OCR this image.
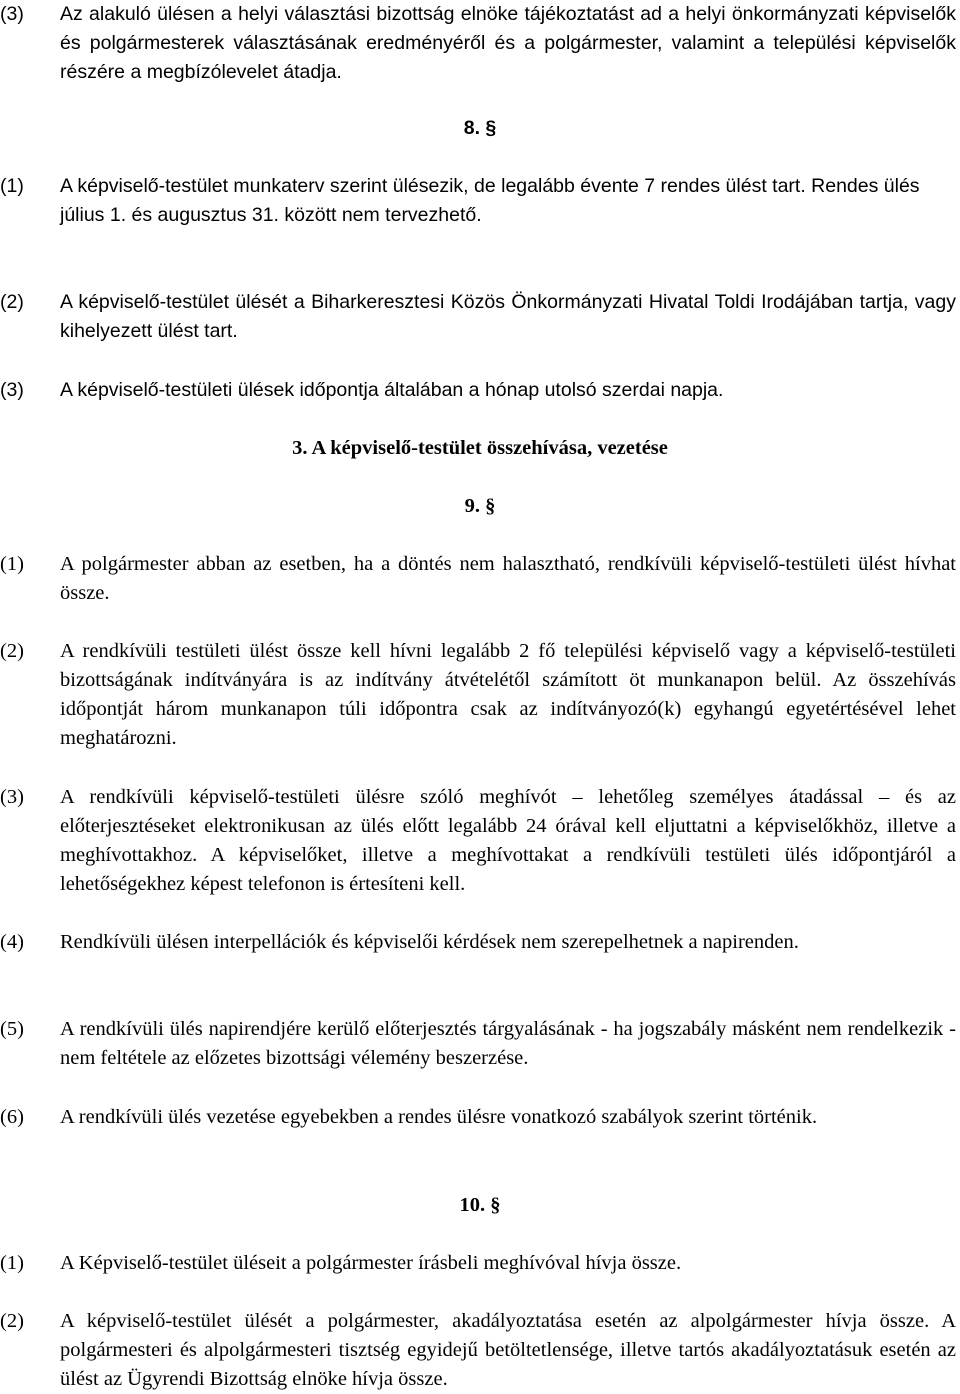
(3)	Az alakuló ülésen a helyi választási bizottság elnöke tájékoztatást ad a helyi önkormányzati képviselők és polgármesterek választásának eredményéről és a polgármester, valamint a települési képviselők részére a megbízólevelet átadja.
8. §
(1)	A képviselő-testület munkaterv szerint ülésezik, de legalább évente 7 rendes ülést tart. Rendes ülés július 1. és augusztus 31. között nem tervezhető.
(2)	A képviselő-testület ülését a Biharkeresztesi Közös Önkormányzati Hivatal Toldi Irodájában tartja, vagy kihelyezett ülést tart.
(3)	A képviselő-testületi ülések időpontja általában a hónap utolsó szerdai napja.
3. A képviselő-testület összehívása, vezetése
9. §
(1)	A polgármester abban az esetben, ha a döntés nem halasztható, rendkívüli képviselő-testületi ülést hívhat össze.
(2)	A rendkívüli testületi ülést össze kell hívni legalább 2 fő települési képviselő vagy a képviselő-testületi bizottságának indítványára is az indítvány átvételétől számított öt munkanapon belül. Az összehívás időpontját három munkanapon túli időpontra csak az indítványozó(k) egyhangú egyetértésével lehet meghatározni.
(3)	A rendkívüli képviselő-testületi ülésre szóló meghívót – lehetőleg személyes átadással – és az előterjesztéseket elektronikusan az ülés előtt legalább 24 órával kell eljuttatni a képviselőkhöz, illetve a meghívottakhoz. A képviselőket, illetve a meghívottakat a rendkívüli testületi ülés időpontjáról a lehetőségekhez képest telefonon is értesíteni kell.
(4)	Rendkívüli ülésen interpellációk és képviselői kérdések nem szerepelhetnek a napirenden.
(5)	A rendkívüli ülés napirendjére kerülő előterjesztés tárgyalásának - ha jogszabály másként nem rendelkezik - nem feltétele az előzetes bizottsági vélemény beszerzése.
(6)	A rendkívüli ülés vezetése egyebekben a rendes ülésre vonatkozó szabályok szerint történik.
10. §
(1)	A Képviselő-testület üléseit a polgármester írásbeli meghívóval hívja össze.
(2)	A képviselő-testület ülését a polgármester, akadályoztatása esetén az alpolgármester hívja össze. A polgármesteri és alpolgármesteri tisztség egyidejű betöltetlensége, illetve tartós akadályoztatásuk esetén az ülést az Ügyrendi Bizottság elnöke hívja össze.
